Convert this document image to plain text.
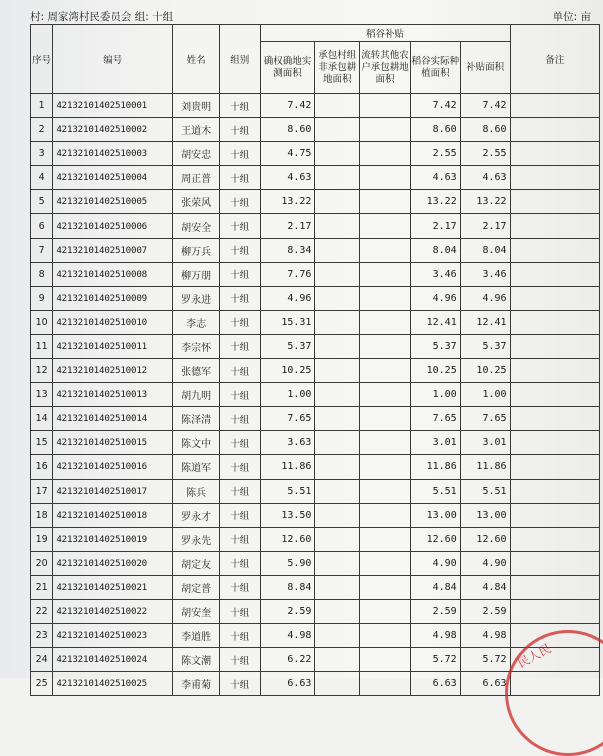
村: 周家湾村民委员会 组: 十组	单位: 亩
序号	编号	姓名	组别	稻谷补贴					备注
				确权确地实测面积	承包村组非承包耕地面积	流转其他农户承包耕地面积	稻谷实际种植面积	补贴面积	
1	42132101402510001	刘贵明	十组	7.42			7.42	7.42	
2	42132101402510002	王道木	十组	8.60			8.60	8.60	
3	42132101402510003	胡安忠	十组	4.75			2.55	2.55	
4	42132101402510004	周正普	十组	4.63			4.63	4.63	
5	42132101402510005	张荣风	十组	13.22			13.22	13.22	
6	42132101402510006	胡安全	十组	2.17			2.17	2.17	
7	42132101402510007	柳万兵	十组	8.34			8.04	8.04	
8	42132101402510008	柳万朋	十组	7.76			3.46	3.46	
9	42132101402510009	罗永进	十组	4.96			4.96	4.96	
10	42132101402510010	李志	十组	15.31			12.41	12.41	
11	42132101402510011	李宗怀	十组	5.37			5.37	5.37	
12	42132101402510012	张德军	十组	10.25			10.25	10.25	
13	42132101402510013	胡九明	十组	1.00			1.00	1.00	
14	42132101402510014	陈泽清	十组	7.65			7.65	7.65	
15	42132101402510015	陈文中	十组	3.63			3.01	3.01	
16	42132101402510016	陈道军	十组	11.86			11.86	11.86	
17	42132101402510017	陈兵	十组	5.51			5.51	5.51	
18	42132101402510018	罗永才	十组	13.50			13.00	13.00	
19	42132101402510019	罗永先	十组	12.60			12.60	12.60	
20	42132101402510020	胡定友	十组	5.90			4.90	4.90	
21	42132101402510021	胡定普	十组	8.84			4.84	4.84	
22	42132101402510022	胡安奎	十组	2.59			2.59	2.59	
23	42132101402510023	李道胜	十组	4.98			4.98	4.98	
24	42132101402510024	陈文潮	十组	6.22			5.72	5.72	
25	42132101402510025	李甫菊	十组	6.63			6.63	6.63	
民人民
